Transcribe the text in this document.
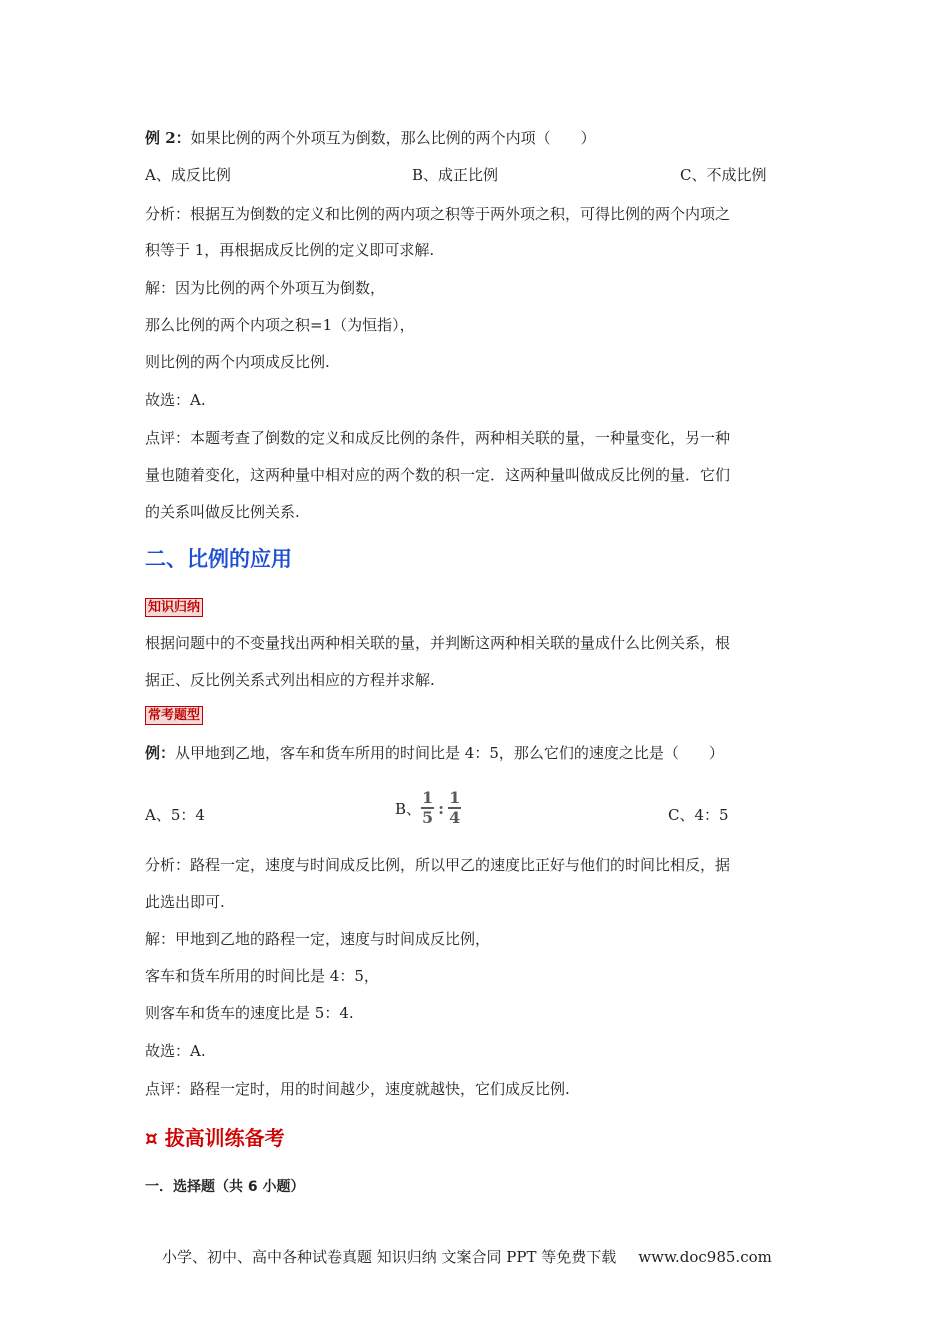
例 2：如果比例的两个外项互为倒数，那么比例的两个内项（　　）
A、成反比例	B、成正比例	C、不成比例
分析：根据互为倒数的定义和比例的两内项之积等于两外项之积，可得比例的两个内项之
积等于 1，再根据成反比例的定义即可求解.
解：因为比例的两个外项互为倒数，
那么比例的两个内项之积=1（为恒指），
则比例的两个内项成反比例.
故选：A.
点评：本题考查了倒数的定义和成反比例的条件，两种相关联的量，一种量变化，另一种
量也随着变化，这两种量中相对应的两个数的积一定．这两种量叫做成反比例的量．它们
的关系叫做反比例关系.
二、比例的应用
知识归纳
根据问题中的不变量找出两种相关联的量，并判断这两种相关联的量成什么比例关系，根
据正、反比例关系式列出相应的方程并求解.
常考题型
例：从甲地到乙地，客车和货车所用的时间比是 4：5，那么它们的速度之比是（　　）
A、5：4	B、 $\frac{1}{5}$ : $\frac{1}{4}$	C、4：5
分析：路程一定，速度与时间成反比例，所以甲乙的速度比正好与他们的时间比相反，据
此选出即可.
解：甲地到乙地的路程一定，速度与时间成反比例，
客车和货车所用的时间比是 4：5，
则客车和货车的速度比是 5：4.
故选：A.
点评：路程一定时，用的时间越少，速度就越快，它们成反比例.
¤ 拔高训练备考
一．选择题（共 6 小题）
小学、初中、高中各种试卷真题 知识归纳 文案合同 PPT 等免费下载 www.doc985.com
